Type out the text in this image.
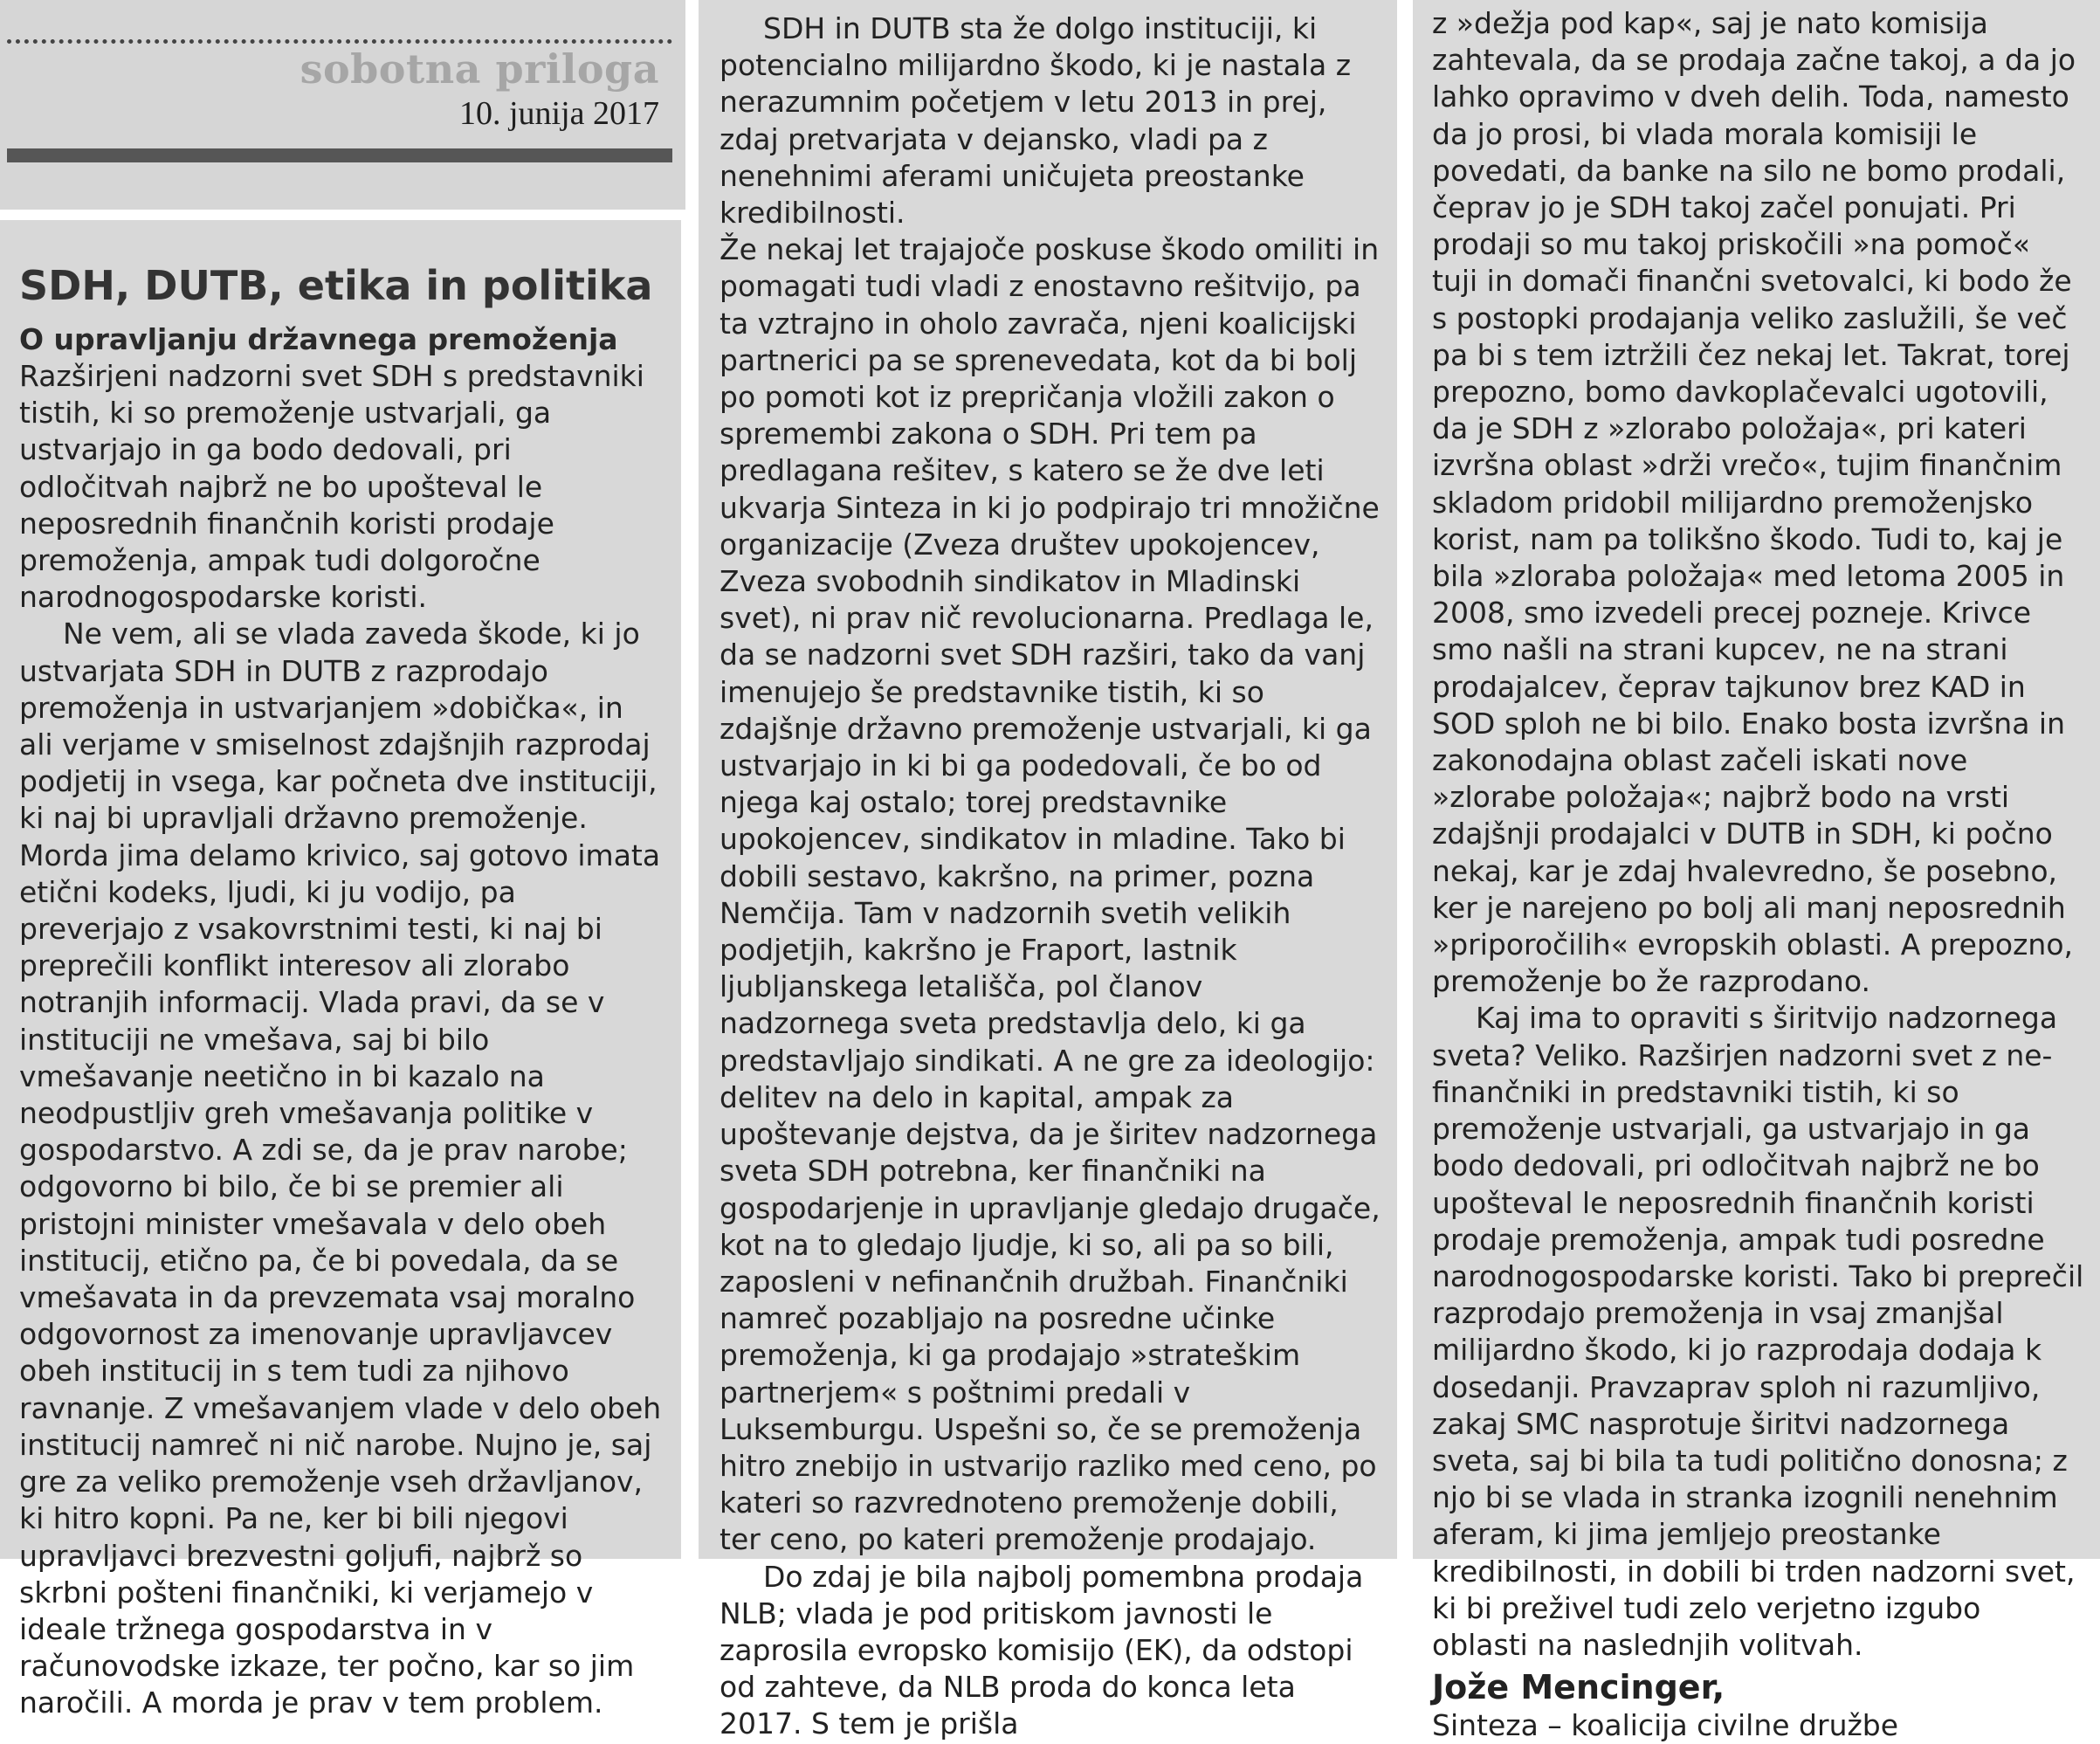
sobotna priloga
10. junija 2017
SDH, DUTB, etika in politika
O upravljanju državnega premoženja

Razširjeni nadzorni svet SDH s predstavniki tistih, ki so premoženje ustvarjali, ga ustvarjajo in ga bodo dedovali, pri odločitvah najbrž ne bo upošteval le neposrednih finančnih koristi prodaje premoženja, ampak tudi dolgoročne narodnogospodarske koristi.

Ne vem, ali se vlada zaveda škode, ki jo ustvarjata SDH in DUTB z razprodajo premoženja in ustvarjanjem »dobička«, in ali verjame v smiselnost zdajšnjih razprodaj podjetij in vsega, kar počneta dve instituciji, ki naj bi upravljali državno premoženje. Morda jima delamo krivico, saj gotovo imata etični kodeks, ljudi, ki ju vodijo, pa preverjajo z vsakovrstnimi testi, ki naj bi preprečili konflikt interesov ali zlorabo notranjih informacij. Vlada pravi, da se v instituciji ne vmešava, saj bi bilo vmešavanje neetično in bi kazalo na neodpustljiv greh vmešavanja politike v gospodarstvo. A zdi se, da je prav narobe; odgovorno bi bilo, če bi se premier ali pristojni minister vmešavala v delo obeh institucij, etično pa, če bi povedala, da se vmešavata in da prevzemata vsaj moralno odgovornost za imenovanje upravljavcev obeh institucij in s tem tudi za njihovo ravnanje. Z vmešavanjem vlade v delo obeh institucij namreč ni nič narobe. Nujno je, saj gre za veliko premoženje vseh državljanov, ki hitro kopni. Pa ne, ker bi bili njegovi upravljavci brezvestni goljufi, najbrž so skrbni pošteni finančniki, ki verjamejo v ideale tržnega gospodarstva in v računovodske izkaze, ter počno, kar so jim naročili. A morda je prav v tem problem.

SDH in DUTB sta že dolgo instituciji, ki potencialno milijardno škodo, ki je nastala z nerazumnim početjem v letu 2013 in prej, zdaj pretvarjata v dejansko, vladi pa z nenehnimi aferami uničujeta preostanke kredibilnosti.

Že nekaj let trajajoče poskuse škodo omiliti in pomagati tudi vladi z enostavno rešitvijo, pa ta vztrajno in oholo zavrača, njeni koalicijski partnerici pa se sprenevedata, kot da bi bolj po pomoti kot iz prepričanja vložili zakon o spremembi zakona o SDH. Pri tem pa predlagana rešitev, s katero se že dve leti ukvarja Sinteza in ki jo podpirajo tri množične organizacije (Zveza društev upokojencev, Zveza svobodnih sindikatov in Mladinski svet), ni prav nič revolucionarna. Predlaga le, da se nadzorni svet SDH razširi, tako da vanj imenujejo še predstavnike tistih, ki so zdajšnje državno premoženje ustvarjali, ki ga ustvarjajo in ki bi ga podedovali, če bo od njega kaj ostalo; torej predstavnike upokojencev, sindikatov in mladine. Tako bi dobili sestavo, kakršno, na primer, pozna Nemčija. Tam v nadzornih svetih velikih podjetjih, kakršno je Fraport, lastnik ljubljanskega letališča, pol članov nadzornega sveta predstavlja delo, ki ga predstavljajo sindikati. A ne gre za ideologijo: delitev na delo in kapital, ampak za upoštevanje dejstva, da je širitev nadzornega sveta SDH potrebna, ker finančniki na gospodarjenje in upravljanje gledajo drugače, kot na to gledajo ljudje, ki so, ali pa so bili, zaposleni v nefinančnih družbah. Finančniki namreč pozabljajo na posredne učinke premoženja, ki ga prodajajo »strateškim partnerjem« s poštnimi predali v Luksemburgu. Uspešni so, če se premoženja hitro znebijo in ustvarijo razliko med ceno, po kateri so razvrednoteno premoženje dobili, ter ceno, po kateri premoženje prodajajo.

Do zdaj je bila najbolj pomembna prodaja NLB; vlada je pod pritiskom javnosti le zaprosila evropsko komisijo (EK), da odstopi od zahteve, da NLB proda do konca leta 2017. S tem je prišla

z »dežja pod kap«, saj je nato komisija zahtevala, da se prodaja začne takoj, a da jo lahko opravimo v dveh delih. Toda, namesto da jo prosi, bi vlada morala komisiji le povedati, da banke na silo ne bomo prodali, čeprav jo je SDH takoj začel ponujati. Pri prodaji so mu takoj priskočili »na pomoč« tuji in domači finančni svetovalci, ki bodo že s postopki prodajanja veliko zaslužili, še več pa bi s tem iztržili čez nekaj let. Takrat, torej prepozno, bomo davkoplačevalci ugotovili, da je SDH z »zlorabo položaja«, pri kateri izvršna oblast »drži vrečo«, tujim finančnim skladom pridobil milijardno premoženjsko korist, nam pa tolikšno škodo. Tudi to, kaj je bila »zloraba položaja« med letoma 2005 in 2008, smo izvedeli precej pozneje. Krivce smo našli na strani kupcev, ne na strani prodajalcev, čeprav tajkunov brez KAD in SOD sploh ne bi bilo. Enako bosta izvršna in zakonodajna oblast začeli iskati nove »zlorabe položaja«; najbrž bodo na vrsti zdajšnji prodajalci v DUTB in SDH, ki počno nekaj, kar je zdaj hvalevredno, še posebno, ker je narejeno po bolj ali manj neposrednih »priporočilih« evropskih oblasti. A prepozno, premoženje bo že razprodano.

Kaj ima to opraviti s širitvijo nadzornega sveta? Veliko. Razširjen nadzorni svet z ne-finančniki in predstavniki tistih, ki so premoženje ustvarjali, ga ustvarjajo in ga bodo dedovali, pri odločitvah najbrž ne bo upošteval le neposrednih finančnih koristi prodaje premoženja, ampak tudi posredne narodnogospodarske koristi. Tako bi preprečil razprodajo premoženja in vsaj zmanjšal milijardno škodo, ki jo razprodaja dodaja k dosedanji. Pravzaprav sploh ni razumljivo, zakaj SMC nasprotuje širitvi nadzornega sveta, saj bi bila ta tudi politično donosna; z njo bi se vlada in stranka izognili nenehnim aferam, ki jima jemljejo preostanke kredibilnosti, in dobili bi trden nadzorni svet, ki bi preživel tudi zelo verjetno izgubo oblasti na naslednjih volitvah.

Jože Mencinger,
Sinteza – koalicija civilne družbe
